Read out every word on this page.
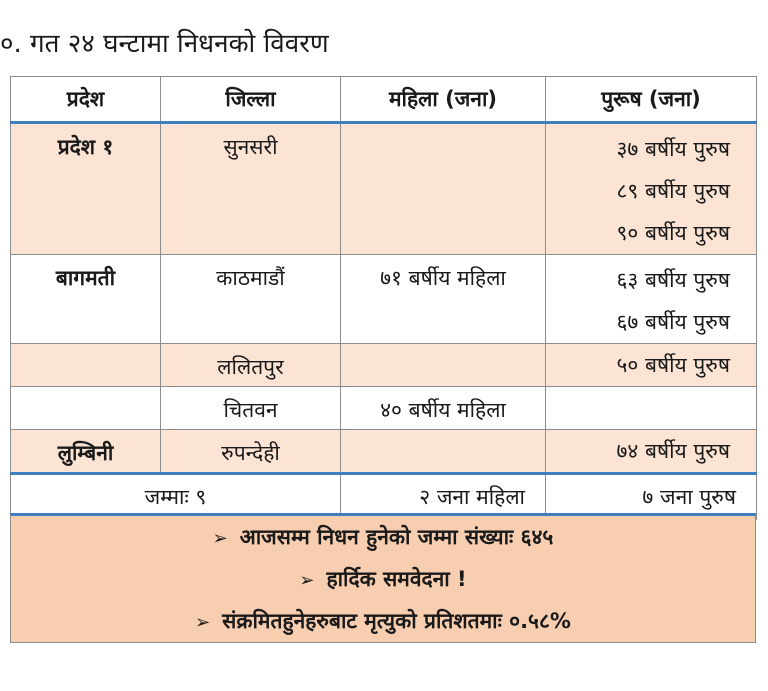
०. गत २४ घन्टामा निधनको विवरण
प्रदेश	जिल्ला	महिला (जना)	पुरूष (जना)

प्रदेश १	सुनसरी		३७ बर्षीय पुरुष
८९ बर्षीय पुरुष
९० बर्षीय पुरुष

बागमती	काठमाडौं	७१ बर्षीय महिला	६३ बर्षीय पुरुष
६७ बर्षीय पुरुष

	ललितपुर		५० बर्षीय पुरुष

	चितवन	४० बर्षीय महिला	

लुम्बिनी	रुपन्देही		७४ बर्षीय पुरुष

जम्माः ९		२ जना महिला	७ जना पुरुष
➢ आजसम्म निधन हुनेको जम्मा संख्याः ६४५
➢ हार्दिक समवेदना !
➢ संक्रमितहुनेहरुबाट मृत्युको प्रतिशतमाः ०.५८%
